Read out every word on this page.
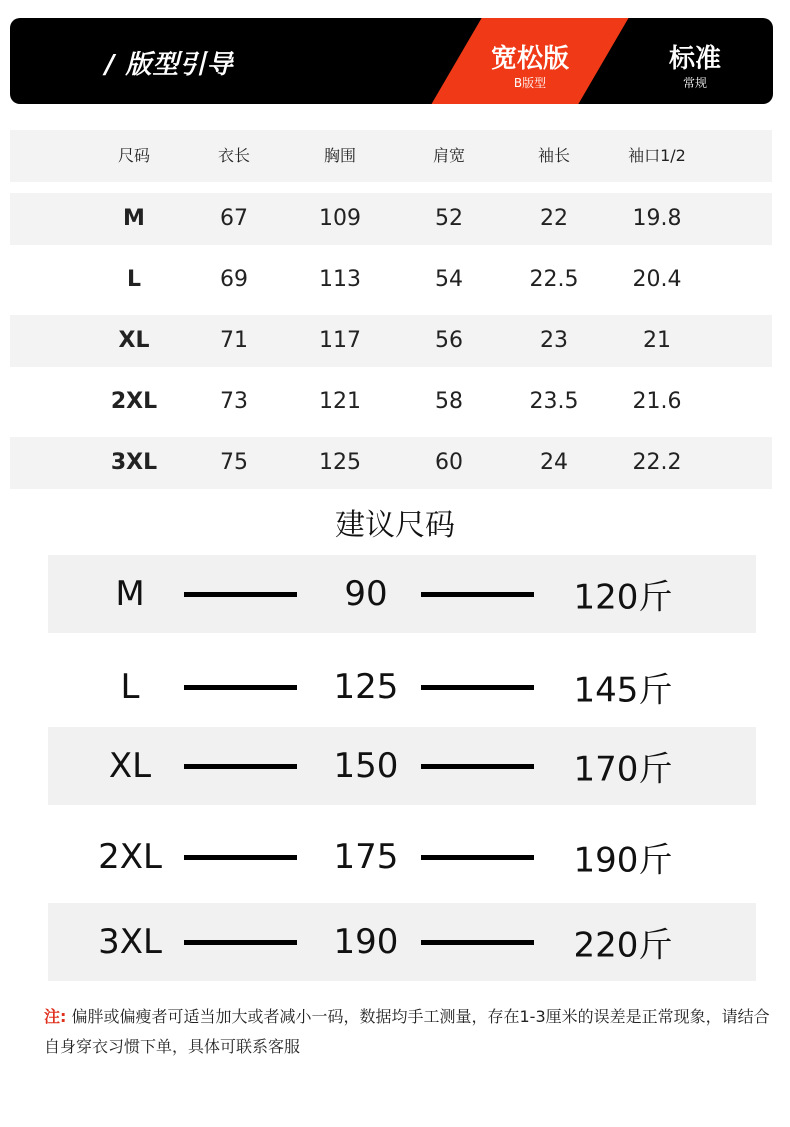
/ 版型引导	宽松版
B版型
标准
常规
尺码	衣长	胸围	肩宽	袖长	袖口1/2
M	67	109	52	22	19.8
L	69	113	54	22.5	20.4
XL	71	117	56	23	21
2XL	73	121	58	23.5	21.6
3XL	75	125	60	24	22.2
建议尺码
M	90	120斤
L	125	145斤
XL	150	170斤
2XL	175	190斤
3XL	190	220斤
注: 偏胖或偏瘦者可适当加大或者减小一码，数据均手工测量，存在1-3厘米的误差是正常现象，请结合自身穿衣习惯下单，具体可联系客服
